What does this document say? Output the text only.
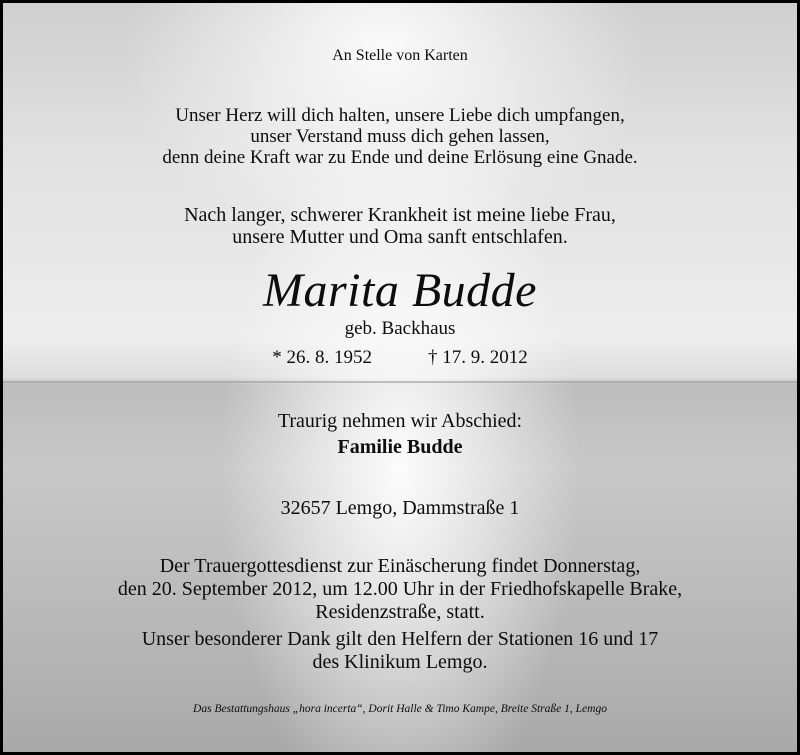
An Stelle von Karten
Unser Herz will dich halten, unsere Liebe dich umpfangen,
unser Verstand muss dich gehen lassen,
denn deine Kraft war zu Ende und deine Erlösung eine Gnade.
Nach langer, schwerer Krankheit ist meine liebe Frau,
unsere Mutter und Oma sanft entschlafen.
Marita Budde
geb. Backhaus
* 26. 8. 1952	† 17. 9. 2012
Traurig nehmen wir Abschied:
Familie Budde
32657 Lemgo, Dammstraße 1
Der Trauergottesdienst zur Einäscherung findet Donnerstag,
den 20. September 2012, um 12.00 Uhr in der Friedhofskapelle Brake,
Residenzstraße, statt.
Unser besonderer Dank gilt den Helfern der Stationen 16 und 17
des Klinikum Lemgo.
Das Bestattungshaus „hora incerta“, Dorit Halle & Timo Kampe, Breite Straße 1, Lemgo
